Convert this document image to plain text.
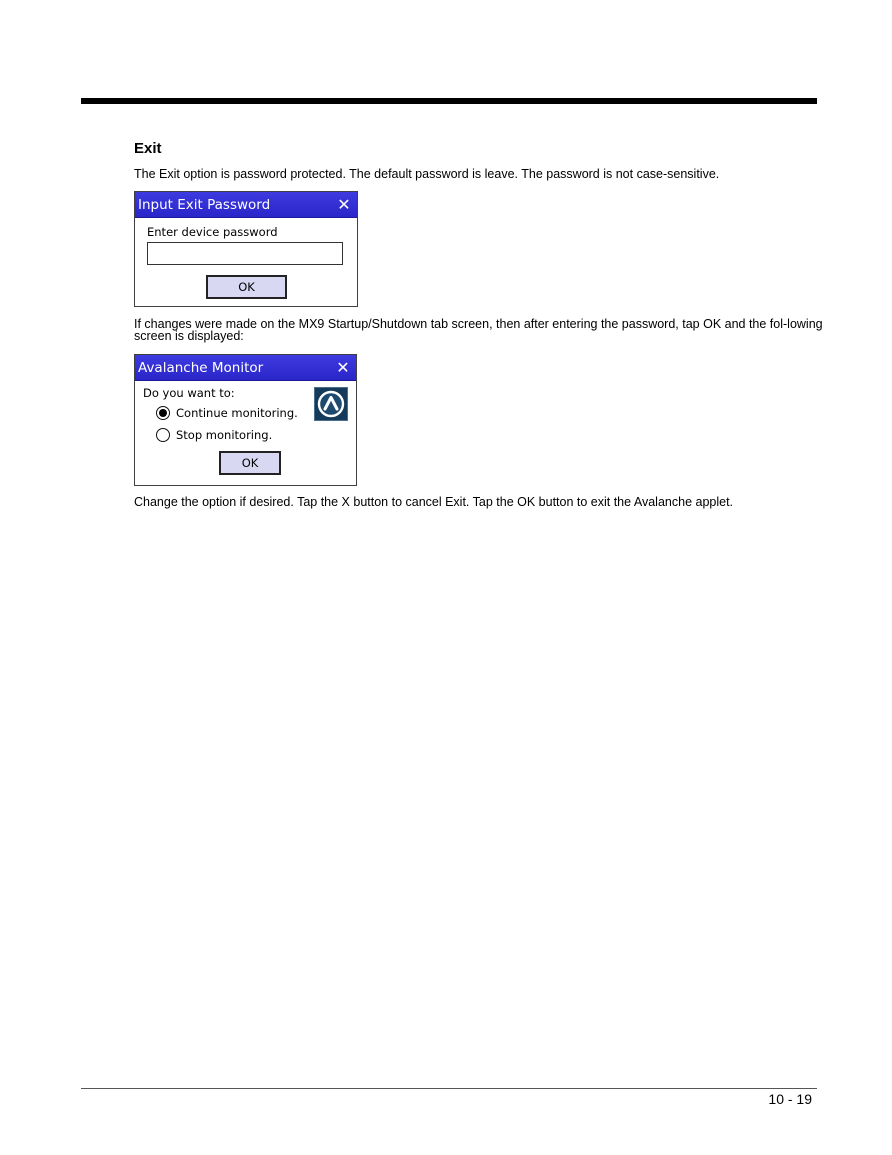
Exit
The Exit option is password protected. The default password is leave. The password is not case-sensitive.
Input Exit Password	✕
Enter device password
OK
If changes were made on the MX9 Startup/Shutdown tab screen, then after entering the password, tap OK and the fol-lowing screen is displayed:
Avalanche Monitor	✕
Do you want to:
Continue monitoring.
Stop monitoring.
OK
Change the option if desired. Tap the X button to cancel Exit. Tap the OK button to exit the Avalanche applet.
10 - 19
